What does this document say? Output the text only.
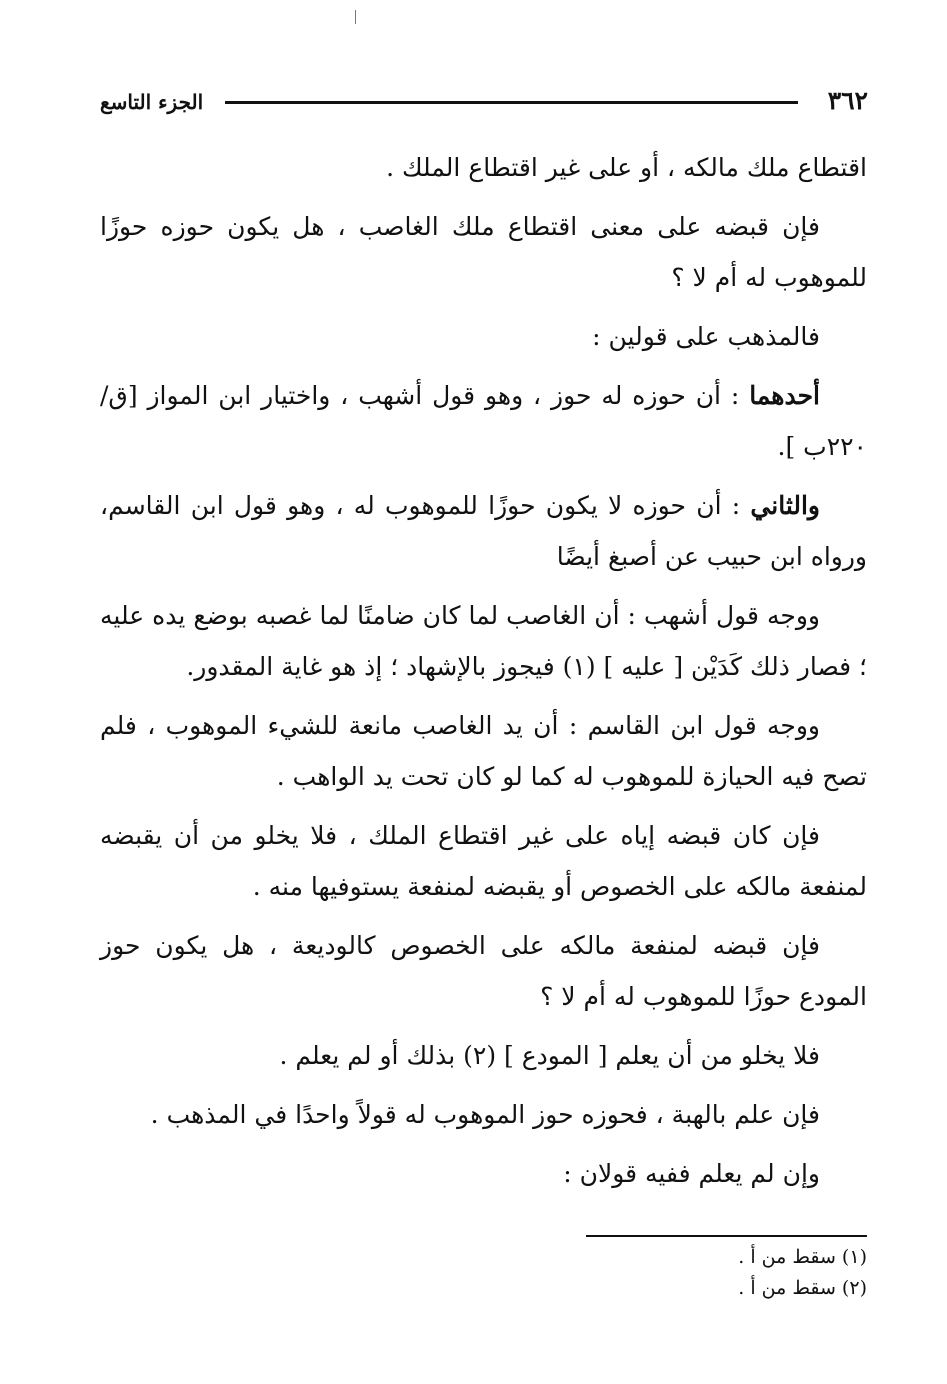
٣٦٢
الجزء التاسع

اقتطاع ملك مالكه ، أو على غير اقتطاع الملك .

فإن قبضه على معنى اقتطاع ملك الغاصب ، هل يكون حوزه حوزًا للموهوب له أم لا ؟

فالمذهب على قولين :

أحدهما : أن حوزه له حوز ، وهو قول أشهب ، واختيار ابن المواز [ق/ ٢٢٠ب ].

والثاني : أن حوزه لا يكون حوزًا للموهوب له ، وهو قول ابن القاسم، ورواه ابن حبيب عن أصبغ أيضًا

ووجه قول أشهب : أن الغاصب لما كان ضامنًا لما غصبه بوضع يده عليه ؛ فصار ذلك كَدَيْن [ عليه ] (١) فيجوز بالإشهاد ؛ إذ هو غاية المقدور.

ووجه قول ابن القاسم : أن يد الغاصب مانعة للشيء الموهوب ، فلم تصح فيه الحيازة للموهوب له كما لو كان تحت يد الواهب .

فإن كان قبضه إياه على غير اقتطاع الملك ، فلا يخلو من أن يقبضه لمنفعة مالكه على الخصوص أو يقبضه لمنفعة يستوفيها منه .

فإن قبضه لمنفعة مالكه على الخصوص كالوديعة ، هل يكون حوز المودع حوزًا للموهوب له أم لا ؟

فلا يخلو من أن يعلم [ المودع ] (٢) بذلك أو لم يعلم .

فإن علم بالهبة ، فحوزه حوز الموهوب له قولاً واحدًا في المذهب .

وإن لم يعلم ففيه قولان :

(١) سقط من أ .

(٢) سقط من أ .
